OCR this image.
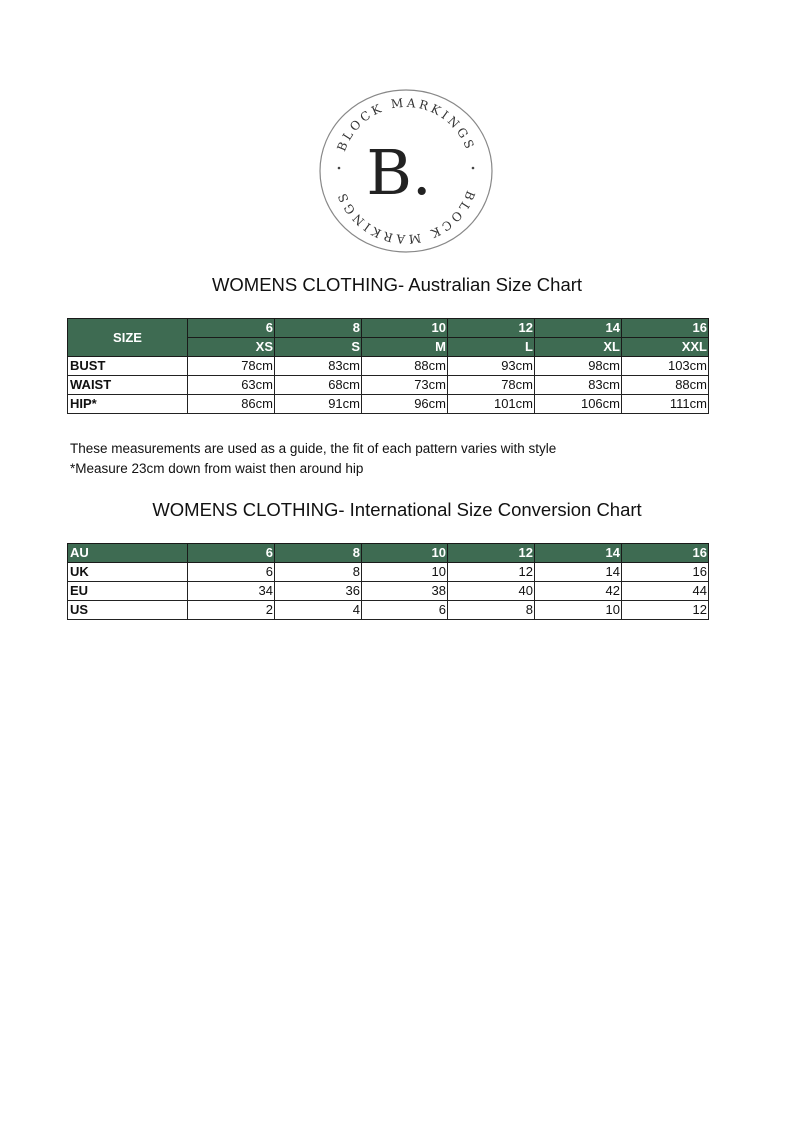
BLOCK MARKINGS
BLOCK MARKINGS B.
WOMENS CLOTHING- Australian Size Chart
SIZE	6	8	10	12	14	16
	XS	S	M	L	XL	XXL
BUST	78cm	83cm	88cm	93cm	98cm	103cm
WAIST	63cm	68cm	73cm	78cm	83cm	88cm
HIP*	86cm	91cm	96cm	101cm	106cm	111cm
These measurements are used as a guide, the fit of each pattern varies with style
*Measure 23cm down from waist then around hip
WOMENS CLOTHING- International Size Conversion Chart
AU	6	8	10	12	14	16
UK	6	8	10	12	14	16
EU	34	36	38	40	42	44
US	2	4	6	8	10	12
